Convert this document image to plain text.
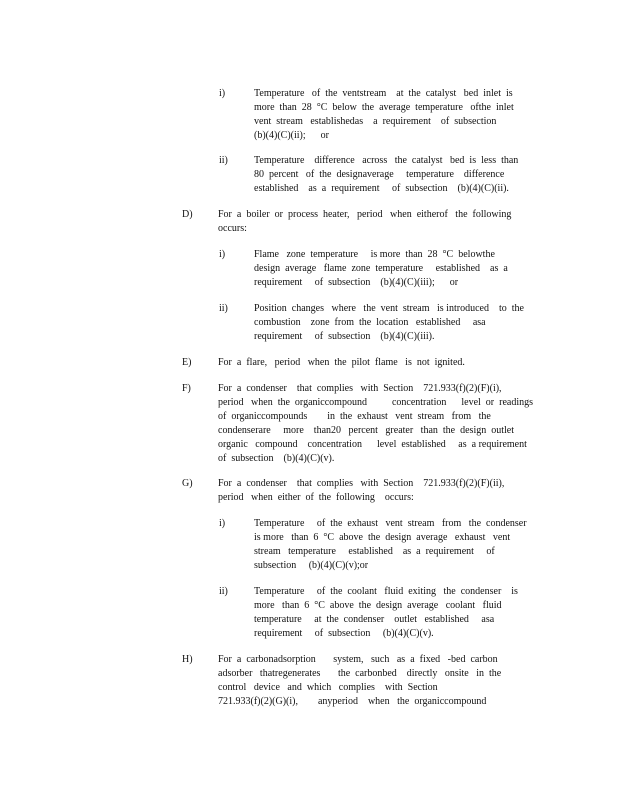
i)	Temperature   of  the  ventstream    at  the  catalyst   bed  inlet  is
more  than  28  °C  below  the  average  temperature   ofthe  inlet
vent  stream   establishedas    a  requirement    of  subsection
(b)(4)(C)(ii);      or
ii)	Temperature    difference   across   the  catalyst   bed  is  less  than
80  percent   of  the  designaverage     temperature    difference
established    as  a  requirement     of  subsection    (b)(4)(C)(ii).
D)	For  a  boiler  or  process  heater,   period   when  eitherof   the  following
occurs:
i)	Flame   zone  temperature     is more  than  28  °C  belowthe
design  average   flame  zone  temperature     established    as  a
requirement     of  subsection    (b)(4)(C)(iii);      or
ii)	Position  changes   where   the  vent  stream   is introduced    to  the
combustion    zone  from  the  location   established     asa
requirement     of  subsection    (b)(4)(C)(iii).
E)	For  a  flare,   period   when  the  pilot  flame   is  not  ignited.
F)	For  a  condenser    that  complies   with  Section    721.933(f)(2)(F)(i),
period   when  the  organiccompound          concentration      level  or  readings
of  organiccompounds        in  the  exhaust   vent  stream   from   the
condenserare     more    than20   percent   greater   than  the  design  outlet
organic   compound    concentration      level  established     as  a requirement
of  subsection    (b)(4)(C)(v).
G)	For  a  condenser    that  complies   with  Section    721.933(f)(2)(F)(ii),
period   when  either  of  the  following    occurs:
i)	Temperature     of  the  exhaust   vent  stream   from   the  condenser
is more   than  6  °C  above  the  design  average   exhaust   vent
stream   temperature     established    as  a  requirement     of
subsection     (b)(4)(C)(v);or
ii)	Temperature     of  the  coolant   fluid  exiting   the  condenser    is
more   than  6  °C  above  the  design  average   coolant   fluid
temperature     at  the  condenser    outlet   established     asa
requirement     of  subsection     (b)(4)(C)(v).
H)	For  a  carbonadsorption       system,   such   as  a  fixed   -bed  carbon
adsorber   thatregenerates       the  carbonbed    directly   onsite   in  the
control   device   and  which   complies    with  Section
721.933(f)(2)(G)(i),        anyperiod    when   the  organiccompound
